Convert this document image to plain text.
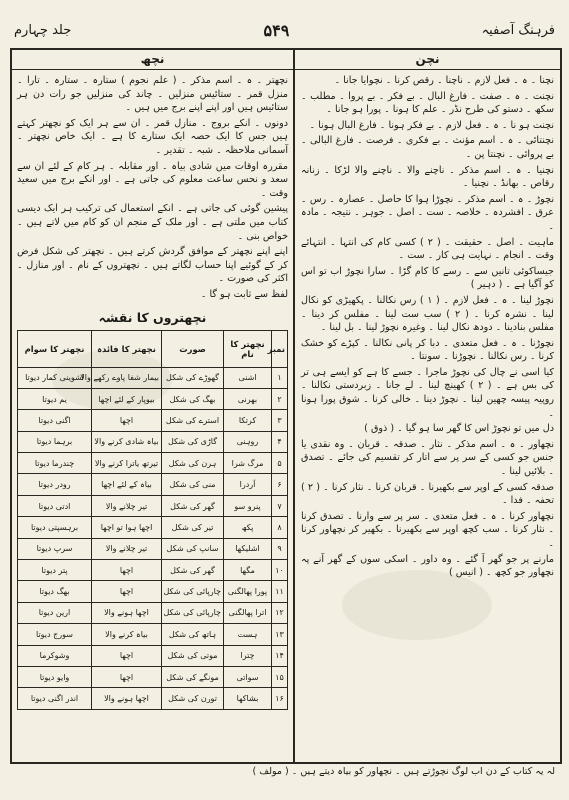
فرہنگ آصفیہ
۵۴۹
جلد چہارم
نچن

نچنا ۔ ہ ۔ فعل لازم ۔ ناچنا ۔ رقص کرنا ۔ نچوایا جانا ۔

نچنت ۔ ہ ۔ صفت ۔ فارغ البال ۔ بے فکر ۔ بے پروا ۔ مطلب ۔ سکھ ۔ دستو کی طرح نڈر ۔ علم کا ہونا ۔ پورا ہو جانا ۔

نچنت ہو نا ۔ ہ ۔ فعل لازم ۔ بے فکر ہونا ۔ فارغ البال ہونا ۔

نچنتائی ۔ ہ ۔ اسم مؤنث ۔ بے فکری ۔ فرصت ۔ فارغ البالی ۔ بے پروائی ۔ نچنتا پن ۔

نچنیا ۔ ہ ۔ اسم مذکر ۔ ناچنے والا ۔ ناچنے والا لڑکا ۔ زنانہ رقاص ۔ بھانڈ ۔ نچنیا ۔

نچوڑ ۔ ہ ۔ اسم مذکر ۔ نچوڑا ہوا کا حاصل ۔ عصارہ ۔ رس ۔ عرق ۔ افشردہ ۔ خلاصہ ۔ ست ۔ اصل ۔ جوہر ۔ نتیجہ ۔ مادہ ۔

ماہیت ۔ اصل ۔ حقیقت ۔ ( ۲ ) کسی کام کی انتہا ۔ انتہائے وقت ۔ انجام ۔ نہایت ہی کار ۔ ست ۔

جیساکوئی تانیں سے ۔ رسے کا کام گڑا ۔ سارا نچوڑ اب تو اس کو آگیا ہے ۔ ( دہیر )

نچوڑ لینا ۔ ہ ۔ فعل لازم ۔ ( ۱ ) رس نکالنا ۔ پکھیڑی کو نکال لینا ۔ نشرہ کرنا ۔ ( ۲ ) سب ست لینا ۔ مفلس کر دینا ۔ مفلس بنادینا ۔ دودھ نکال لینا ۔ وغیرہ نچوڑ لینا ۔ بل لینا ۔

نچوڑنا ۔ ہ ۔ فعل متعدی ۔ دبا کر پانی نکالنا ۔ کپڑے کو خشک کرنا ۔ رس نکالنا ۔ نچوڑنا ۔ سونتا ۔

کیا اسی نے چال کی نچوڑ ماجرا ۔ جسے کا ہے کو ایسے ہی تر کی بس ہے ۔ ( ۲ ) کھینچ لینا ۔ لے جانا ۔ زبردستی نکالنا ۔ روپیہ پیسہ چھین لینا ۔ نچوڑ دینا ۔ خالی کرنا ۔ شوق پورا ہونا ۔

دل میں تو نچوڑ اس کا گھر سا ہو گیا ۔ ( ذوق )

نچھاور ۔ ہ ۔ اسم مذکر ۔ نثار ۔ صدقہ ۔ قربان ۔ وہ نقدی یا جنس جو کسی کے سر پر سے اتار کر تقسیم کی جائے ۔ تصدق ۔ بلائیں لینا ۔

صدقہ کسی کے اوپر سے بکھیرنا ۔ قربان کرنا ۔ نثار کرنا ۔ ( ۲ ) تحفہ ۔ فدا ۔

نچھاور کرنا ۔ ہ ۔ فعل متعدی ۔ سر پر سے وارنا ۔ تصدق کرنا ۔ نثار کرنا ۔ سب کچھ اوپر سے بکھیرنا ۔ بکھیر کر نچھاور کرنا ۔

مارنے پر جو گھر آ گئے ۔ وہ داور ۔ اسکی سوں کے گھر آنے پہ نچھاور جو کچھ ۔ ( انیس )

نچھ

نچھتر ۔ ہ ۔ اسم مذکر ۔ ( علم نجوم ) ستارہ ۔ ستارہ ۔ تارا ۔ منزل قمر ۔ ستائیس منزلیں ۔ چاند کی منزلیں جو رات دن ہر ستائیس ہیں اور اپنے اپنے برج میں ہیں ۔

دونوں ۔ انکے بروج ۔ منازل قمر ۔ ان سے ہر ایک کو نچھتر کہتے ہیں جس کا ایک حصہ ایک ستارے کا ہے ۔ ایک خاص نچھتر ۔ آسمانی ملاحظہ ۔ شبہ ۔ تقدیر ۔

مقررہ اوقات میں شادی بیاہ ۔ اور مقابلہ ۔ ہر کام کے لئے ان سے سعد و نحس ساعت معلوم کی جاتی ہے ۔ اور انکے برج میں سعید وقت ۔

پیشین گوئی کی جاتی ہے ۔ انکے استعمال کی ترکیب ہر ایک دیسی کتاب میں ملتی ہے ۔ اور ملک کے منجم ان کو کام میں لاتے ہیں ۔ خواص بنی ۔

اپنے اپنے نچھتر کے موافق گردش کرتے ہیں ۔ نچھتر کی شکل فرض کر کے گوئیے اپنا حساب لگاتے ہیں ۔ نچھتروں کے نام ۔ اور منازل ۔ اکثر کی صورت ۔

لفظ سے ثابت ہو گا ۔

نچھتروں کا نقشہ
نمبر	نچھتر کا نام	صورت	نچھتر کا فائدہ	نچھتر کا سوام
۱	اشنی	گھوڑے کی شکل	بیمار شفا پاوے رکھے والا	اشوینی کمار دیوتا
۲	بھرنی	بھگ کی شکل	بیوپار کے لئے اچھا	یم دیوتا
۳	کرتکا	استرے کی شکل	اچھا	اگنی دیوتا
۴	روہنی	گاڑی کی شکل	بیاہ شادی کرنے والا	برہما دیوتا
۵	مرگ شرا	ہرن کی شکل	تیرتھ یاترا کرنے والا	چندرما دیوتا
۶	آردرا	منی کی شکل	بیاہ کے لئے اچھا	رودر دیوتا
۷	پنرو سو	گھر کی شکل	تیر چلانے والا	ادتی دیوتا
۸	پکھ	تیر کی شکل	اچھا ہوا تو اچھا	برہسپتی دیوتا
۹	اشلیکھا	سانپ کی شکل	تیر چلانے والا	سرپ دیوتا
۱۰	مگھا	گھر کی شکل	اچھا	پتر دیوتا
۱۱	پورا پھالگنی	چارپائی کی شکل	اچھا	بھگ دیوتا
۱۲	اترا پھالگنی	چارپائی کی شکل	اچھا ہونے والا	ارین دیوتا
۱۳	ہست	ہاتھ کی شکل	بیاہ کرنے والا	سورج دیوتا
۱۴	چترا	موتی کی شکل	اچھا	وشوکرما
۱۵	سواتی	مونگے کی شکل	اچھا	وایو دیوتا
۱۶	بشاکھا	تورن کی شکل	اچھا ہونے والا	اندر اگنی دیوتا
لہ یہ کتاب کے دن اب لوگ نچوڑتے ہیں ۔ نچھاور کو بیاہ دیتے ہیں ۔ ( مولف )
